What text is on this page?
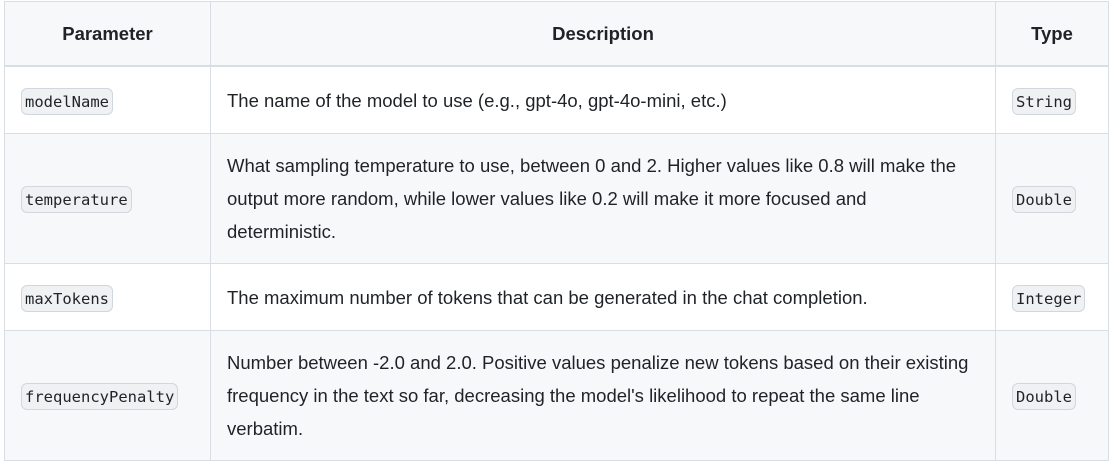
Parameter	Description	Type
modelName	The name of the model to use (e.g., gpt-4o, gpt-4o-mini, etc.)	String
temperature	What sampling temperature to use, between 0 and 2. Higher values like 0.8 will make the output more random, while lower values like 0.2 will make it more focused and deterministic.	Double
maxTokens	The maximum number of tokens that can be generated in the chat completion.	Integer
frequencyPenalty	Number between -2.0 and 2.0. Positive values penalize new tokens based on their existing frequency in the text so far, decreasing the model's likelihood to repeat the same line verbatim.	Double
